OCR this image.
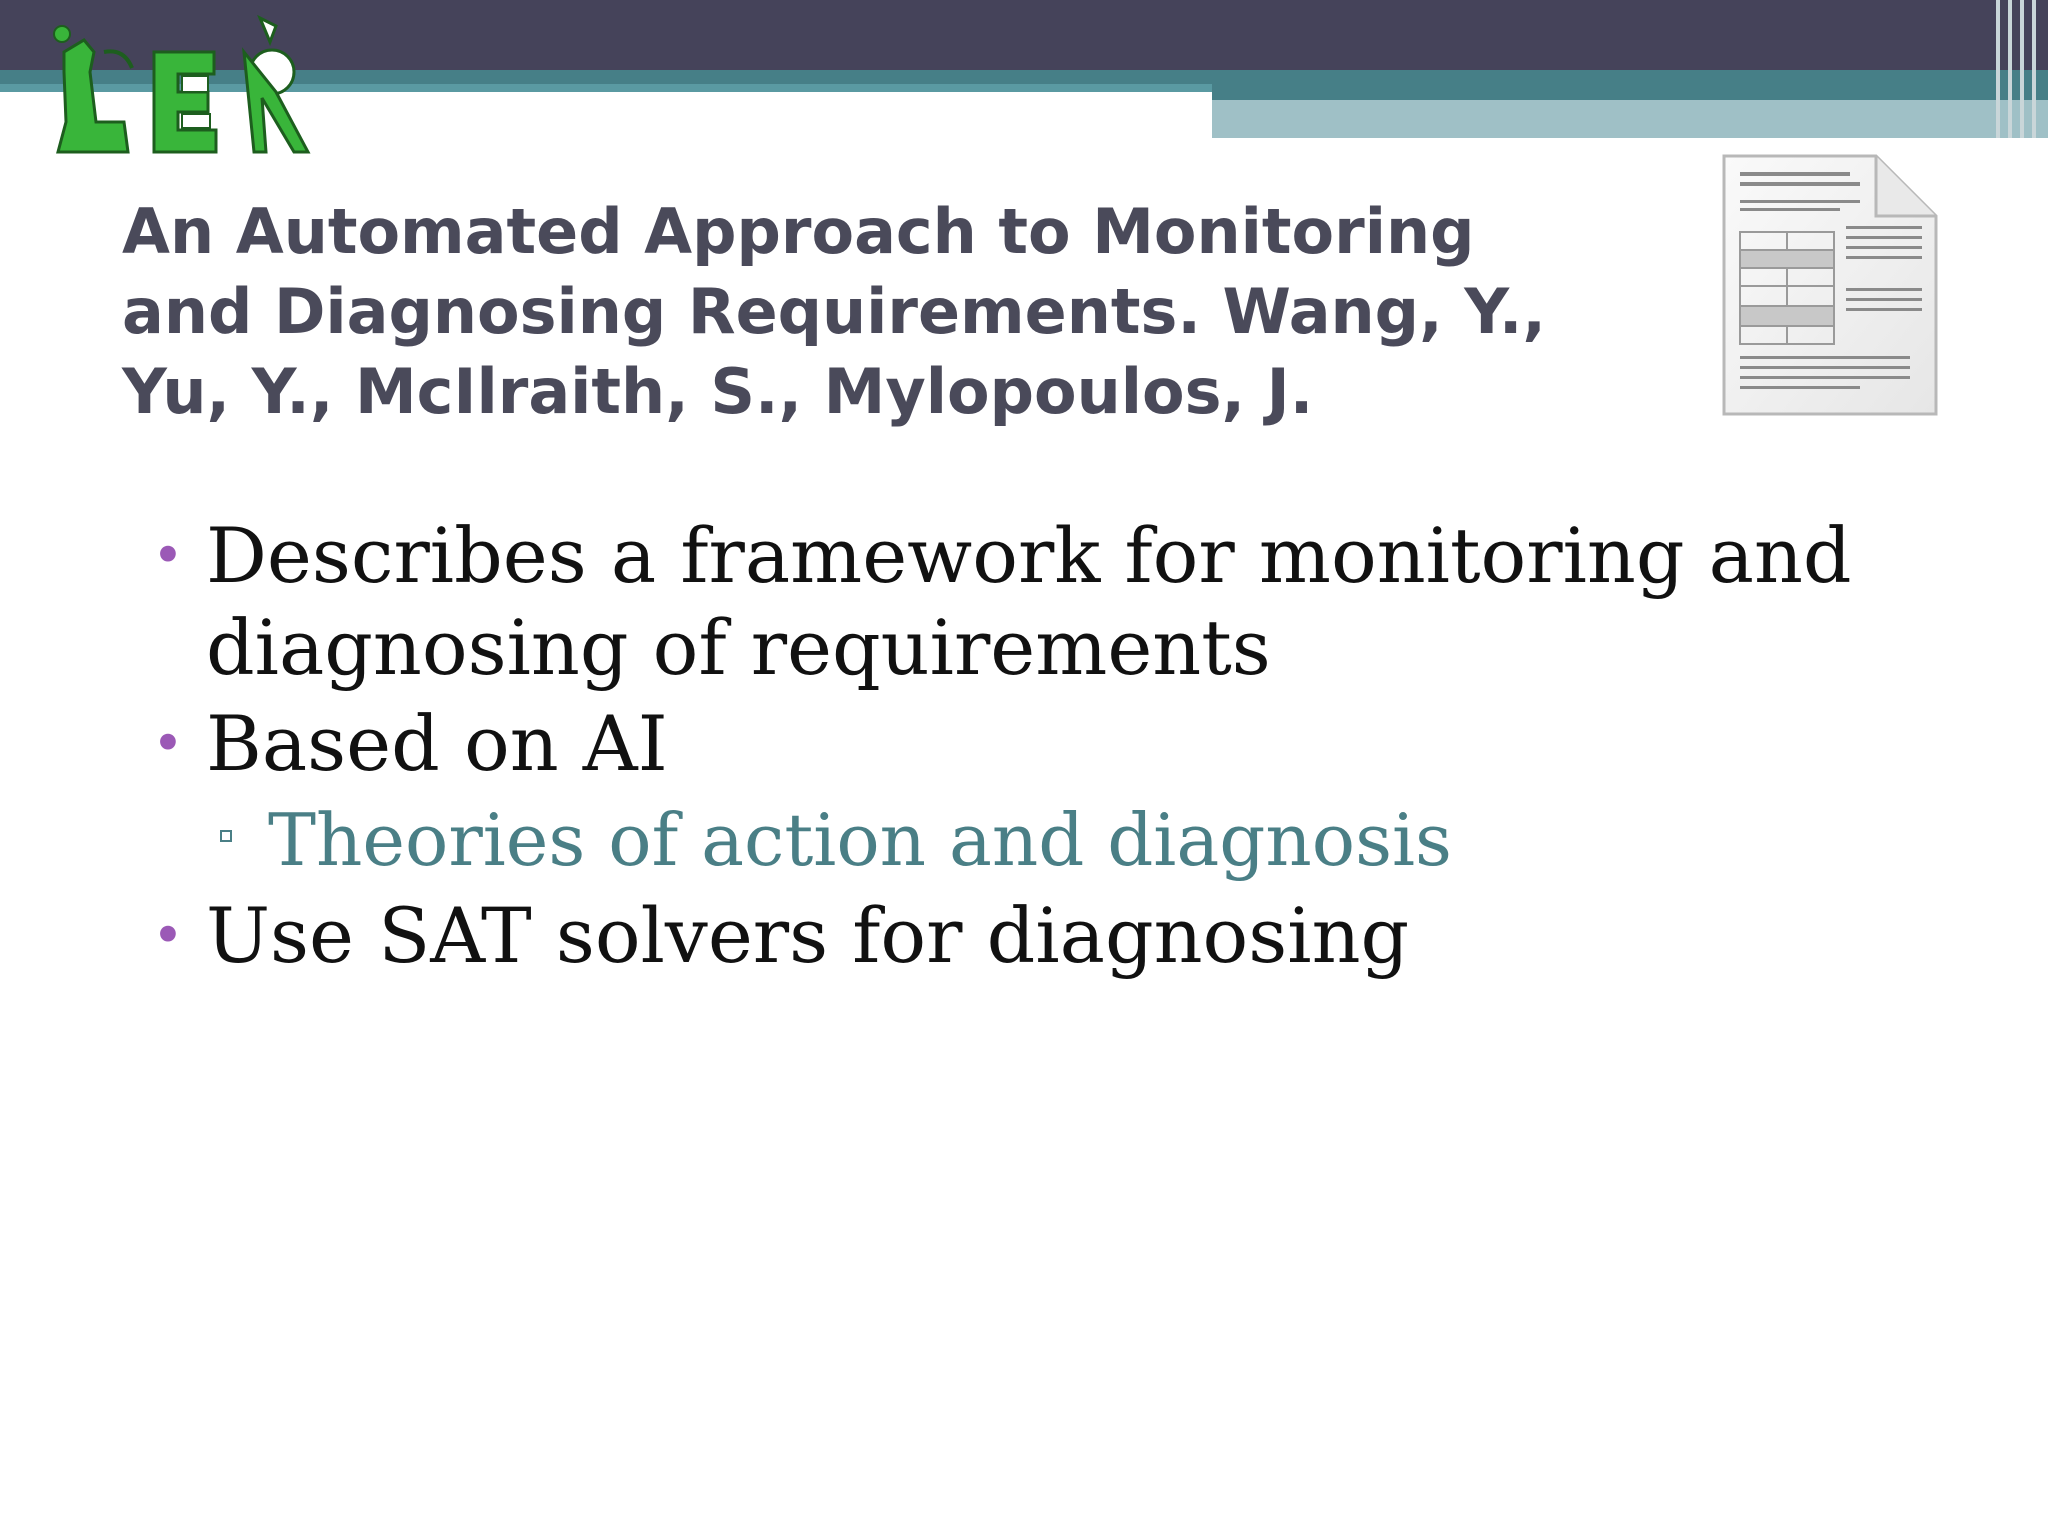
An Automated Approach to Monitoring and Diagnosing Requirements. Wang, Y., Yu, Y., McIlraith, S., Mylopoulos, J.
• Describes a framework for monitoring and diagnosing of requirements
• Based on AI
Theories of action and diagnosis
• Use SAT solvers for diagnosing
